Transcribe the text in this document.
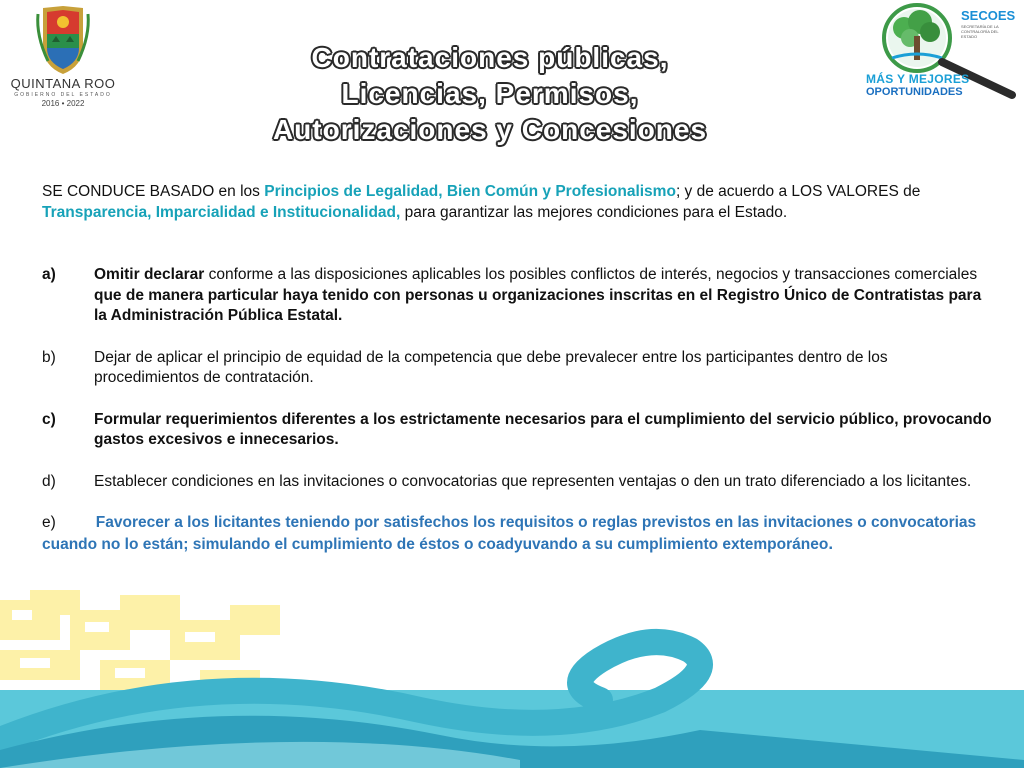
QUINTANA ROO
GOBIERNO DEL ESTADO
2016 • 2022
SECOES
SECRETARÍA DE LA CONTRALORÍA DEL ESTADO
MÁS Y MEJORES
OPORTUNIDADES
Contrataciones públicas,
Licencias, Permisos,
Autorizaciones y Concesiones

SE CONDUCE BASADO en los Principios de Legalidad, Bien Común y Profesionalismo; y de acuerdo a LOS VALORES de Transparencia, Imparcialidad e Institucionalidad, para garantizar las mejores condiciones para el Estado.

a)	Omitir declarar conforme a las disposiciones aplicables los posibles conflictos de interés, negocios y transacciones comerciales que de manera particular haya tenido con personas u organizaciones inscritas en el Registro Único de Contratistas para la Administración Pública Estatal.
b)	Dejar de aplicar el principio de equidad de la competencia que debe prevalecer entre los participantes dentro de los procedimientos de contratación.
c)	Formular requerimientos diferentes a los estrictamente necesarios para el cumplimiento del servicio público, provocando gastos excesivos e innecesarios.
d)	Establecer condiciones en las invitaciones o convocatorias que representen ventajas o den un trato diferenciado a los licitantes.

e)	Favorecer a los licitantes teniendo por satisfechos los requisitos o reglas previstos en las invitaciones o convocatorias cuando no lo están; simulando el cumplimiento de éstos o coadyuvando a su cumplimiento extemporáneo.
